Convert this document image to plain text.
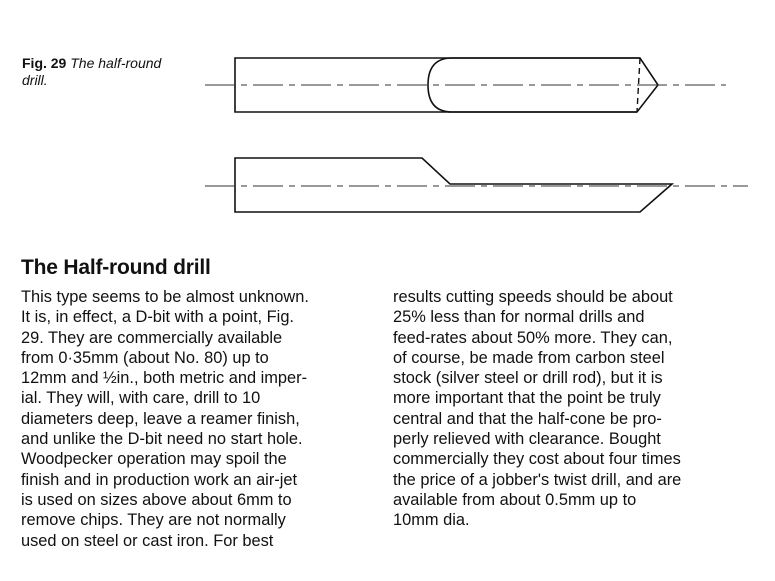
Fig. 29 The half-round
drill.
The Half-round drill
This type seems to be almost unknown.
It is, in effect, a D-bit with a point, Fig.
29. They are commercially available
from 0·35mm (about No. 80) up to
12mm and ½in., both metric and imper-
ial. They will, with care, drill to 10
diameters deep, leave a reamer finish,
and unlike the D-bit need no start hole.
Woodpecker operation may spoil the
finish and in production work an air-jet
is used on sizes above about 6mm to
remove chips. They are not normally
used on steel or cast iron. For best
results cutting speeds should be about
25% less than for normal drills and
feed-rates about 50% more. They can,
of course, be made from carbon steel
stock (silver steel or drill rod), but it is
more important that the point be truly
central and that the half-cone be pro-
perly relieved with clearance. Bought
commercially they cost about four times
the price of a jobber's twist drill, and are
available from about 0.5mm up to
10mm dia.
